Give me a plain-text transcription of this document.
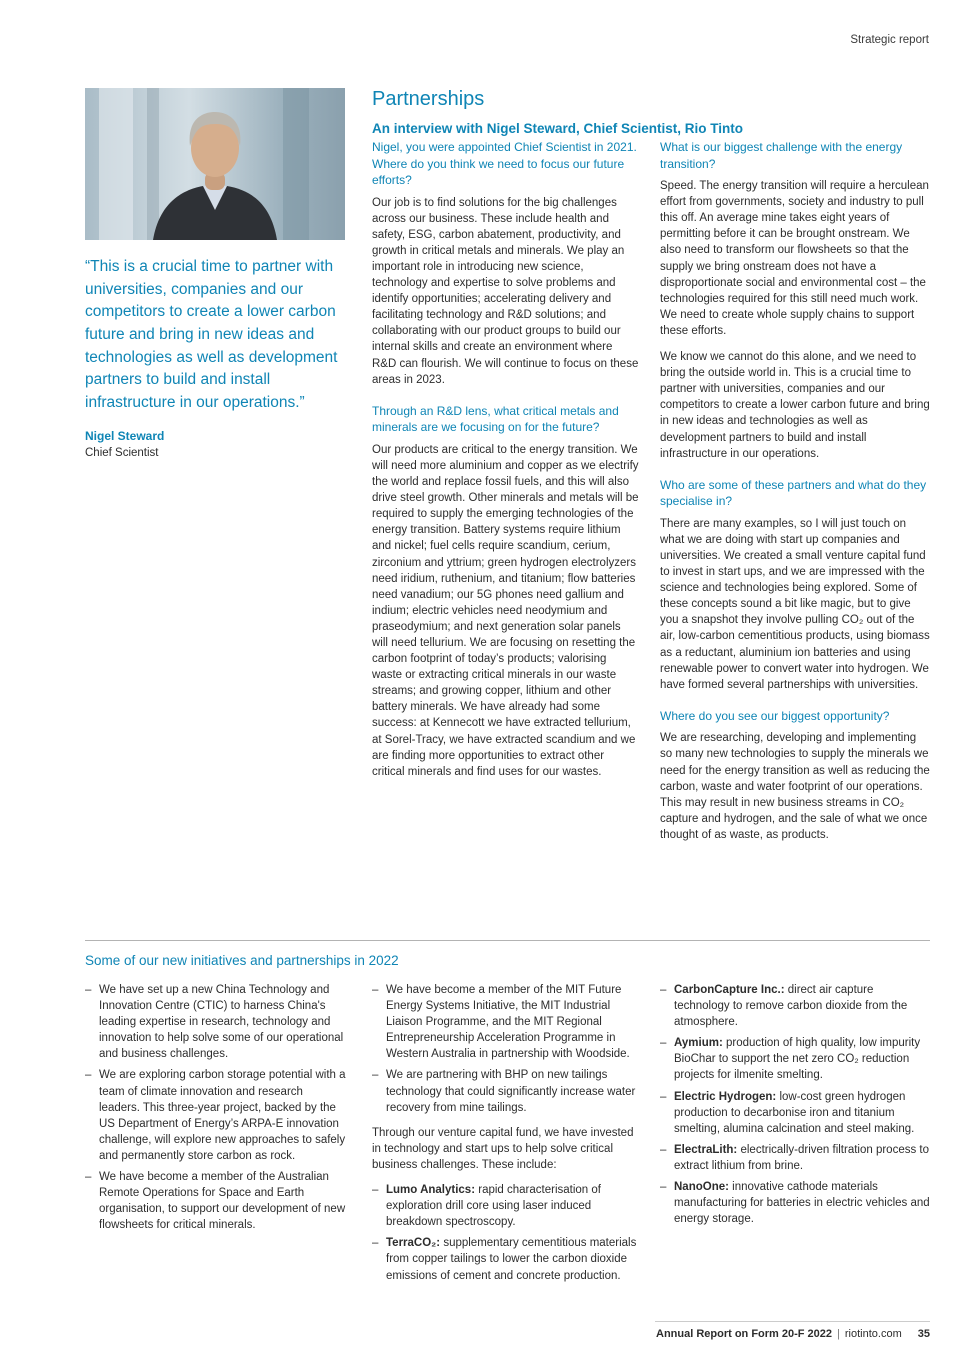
Strategic report

“This is a crucial time to partner with universities, companies and our competitors to create a lower carbon future and bring in new ideas and technologies as well as development partners to build and install infrastructure in our operations.”

Nigel Steward

Chief Scientist

Partnerships
An interview with Nigel Steward, Chief Scientist, Rio Tinto
Nigel, you were appointed Chief Scientist in 2021. Where do you think we need to focus our future efforts?

Our job is to find solutions for the big challenges across our business. These include health and safety, ESG, carbon abatement, productivity, and growth in critical metals and minerals. We play an important role in introducing new science, technology and expertise to solve problems and identify opportunities; accelerating delivery and facilitating technology and R&D solutions; and collaborating with our product groups to build our internal skills and create an environment where R&D can flourish. We will continue to focus on these areas in 2023.

Through an R&D lens, what critical metals and minerals are we focusing on for the future?

Our products are critical to the energy transition. We will need more aluminium and copper as we electrify the world and replace fossil fuels, and this will also drive steel growth. Other minerals and metals will be required to supply the emerging technologies of the energy transition. Battery systems require lithium and nickel; fuel cells require scandium, cerium, zirconium and yttrium; green hydrogen electrolyzers need iridium, ruthenium, and titanium; flow batteries need vanadium; our 5G phones need gallium and indium; electric vehicles need neodymium and praseodymium; and next generation solar panels will need tellurium. We are focusing on resetting the carbon footprint of today’s products; valorising waste or extracting critical minerals in our waste streams; and growing copper, lithium and other battery minerals. We have already had some success: at Kennecott we have extracted tellurium, at Sorel-Tracy, we have extracted scandium and we are finding more opportunities to extract other critical minerals and find uses for our wastes.

What is our biggest challenge with the energy transition?

Speed. The energy transition will require a herculean effort from governments, society and industry to pull this off. An average mine takes eight years of permitting before it can be brought onstream. We also need to transform our flowsheets so that the supply we bring onstream does not have a disproportionate social and environmental cost – the technologies required for this still need much work. We need to create whole supply chains to support these efforts.

We know we cannot do this alone, and we need to bring the outside world in. This is a crucial time to partner with universities, companies and our competitors to create a lower carbon future and bring in new ideas and technologies as well as development partners to build and install infrastructure in our operations.

Who are some of these partners and what do they specialise in?

There are many examples, so I will just touch on what we are doing with start up companies and universities. We created a small venture capital fund to invest in start ups, and we are impressed with the science and technologies being explored. Some of these concepts sound a bit like magic, but to give you a snapshot they involve pulling CO₂ out of the air, low-carbon cementitious products, using biomass as a reductant, aluminium ion batteries and using renewable power to convert water into hydrogen. We have formed several partnerships with universities.

Where do you see our biggest opportunity?

We are researching, developing and implementing so many new technologies to supply the minerals we need for the energy transition as well as reducing the carbon, waste and water footprint of our operations. This may result in new business streams in CO₂ capture and hydrogen, and the sale of what we once thought of as waste, as products.

Some of our new initiatives and partnerships in 2022
– We have set up a new China Technology and Innovation Centre (CTIC) to harness China's leading expertise in research, technology and innovation to help solve some of our operational and business challenges.

– We are exploring carbon storage potential with a team of climate innovation and research leaders. This three-year project, backed by the US Department of Energy’s ARPA-E innovation challenge, will explore new approaches to safely and permanently store carbon as rock.

– We have become a member of the Australian Remote Operations for Space and Earth organisation, to support our development of new flowsheets for critical minerals.

– We have become a member of the MIT Future Energy Systems Initiative, the MIT Industrial Liaison Programme, and the MIT Regional Entrepreneurship Acceleration Programme in Western Australia in partnership with Woodside.

– We are partnering with BHP on new tailings technology that could significantly increase water recovery from mine tailings.

Through our venture capital fund, we have invested in technology and start ups to help solve critical business challenges. These include:

– Lumo Analytics: rapid characterisation of exploration drill core using laser induced breakdown spectroscopy.

– TerraCO₂: supplementary cementitious materials from copper tailings to lower the carbon dioxide emissions of cement and concrete production.

– CarbonCapture Inc.: direct air capture technology to remove carbon dioxide from the atmosphere.

– Aymium: production of high quality, low impurity BioChar to support the net zero CO₂ reduction projects for ilmenite smelting.

– Electric Hydrogen: low-cost green hydrogen production to decarbonise iron and titanium smelting, alumina calcination and steel making.

– ElectraLith: electrically-driven filtration process to extract lithium from brine.

– NanoOne: innovative cathode materials manufacturing for batteries in electric vehicles and energy storage.

Annual Report on Form 20-F 2022 | riotinto.com 35
